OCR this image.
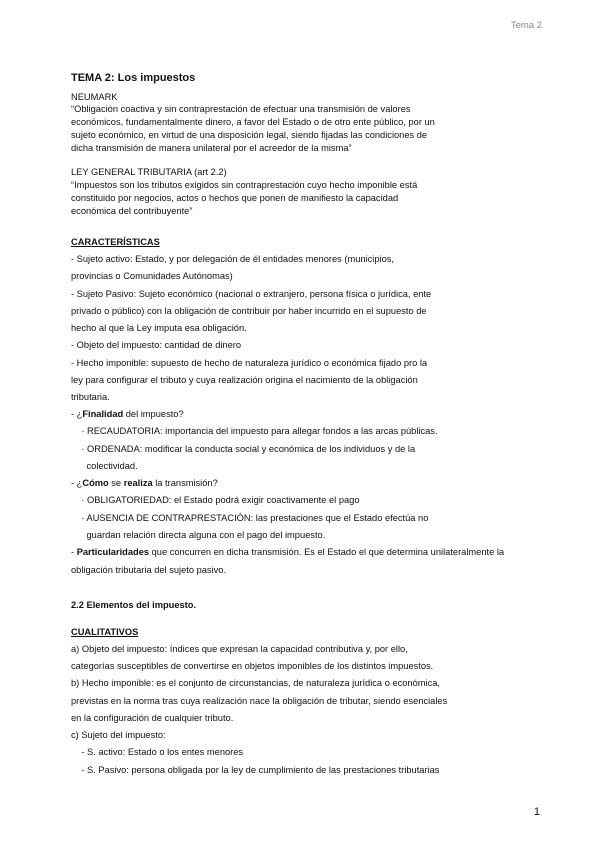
Tema 2
TEMA 2: Los impuestos
NEUMARK
“Obligación coactiva y sin contraprestación de efectuar una transmisión de valores
económicos, fundamentalmente dinero, a favor del Estado o de otro ente público, por un
sujeto económico, en virtud de una disposición legal, siendo fijadas las condiciones de
dicha transmisión de manera unilateral por el acreedor de la misma”
LEY GENERAL TRIBUTARIA (art 2.2)
“Impuestos son los tributos exigidos sin contraprestación cuyo hecho imponible está
constituido por negocios, actos o hechos que ponen de manifiesto la capacidad
económica del contribuyente”
CARACTERÍSTICAS
- Sujeto activo: Estado, y por delegación de él entidades menores (municipios,
provincias o Comunidades Autónomas)
- Sujeto Pasivo: Sujeto económico (nacional o extranjero, persona física o jurídica, ente
privado o público) con la obligación de contribuir por haber incurrido en el supuesto de
hecho al que la Ley imputa esa obligación.
- Objeto del impuesto: cantidad de dinero
- Hecho imponible: supuesto de hecho de naturaleza jurídico o económica fijado pro la
ley para configurar el tributo y cuya realización origina el nacimiento de la obligación
tributaria.
- ¿Finalidad del impuesto?
· RECAUDATORIA: importancia del impuesto para allegar fondos a las arcas públicas.
· ORDENADA: modificar la conducta social y económica de los individuos y de la
colectividad.
- ¿Cómo se realiza la transmisión?
· OBLIGATORIEDAD: el Estado podrá exigir coactivamente el pago
· AUSENCIA DE CONTRAPRESTACIÓN: las prestaciones que el Estado efectúa no
guardan relación directa alguna con el pago del impuesto.
- Particularidades que concurren en dicha transmisión. Es el Estado el que determina unilateralmente la
obligación tributaria del sujeto pasivo.
2.2 Elementos del impuesto.
CUALITATIVOS
a) Objeto del impuesto: índices que expresan la capacidad contributiva y, por ello,
categorías susceptibles de convertirse en objetos imponibles de los distintos impuestos.
b) Hecho imponible: es el conjunto de circunstancias, de naturaleza jurídica o económica,
previstas en la norma tras cuya realización nace la obligación de tributar, siendo esenciales
en la configuración de cualquier tributo.
c) Sujeto del impuesto:
- S. activo: Estado o los entes menores
- S. Pasivo: persona obligada por la ley de cumplimiento de las prestaciones tributarias
1
